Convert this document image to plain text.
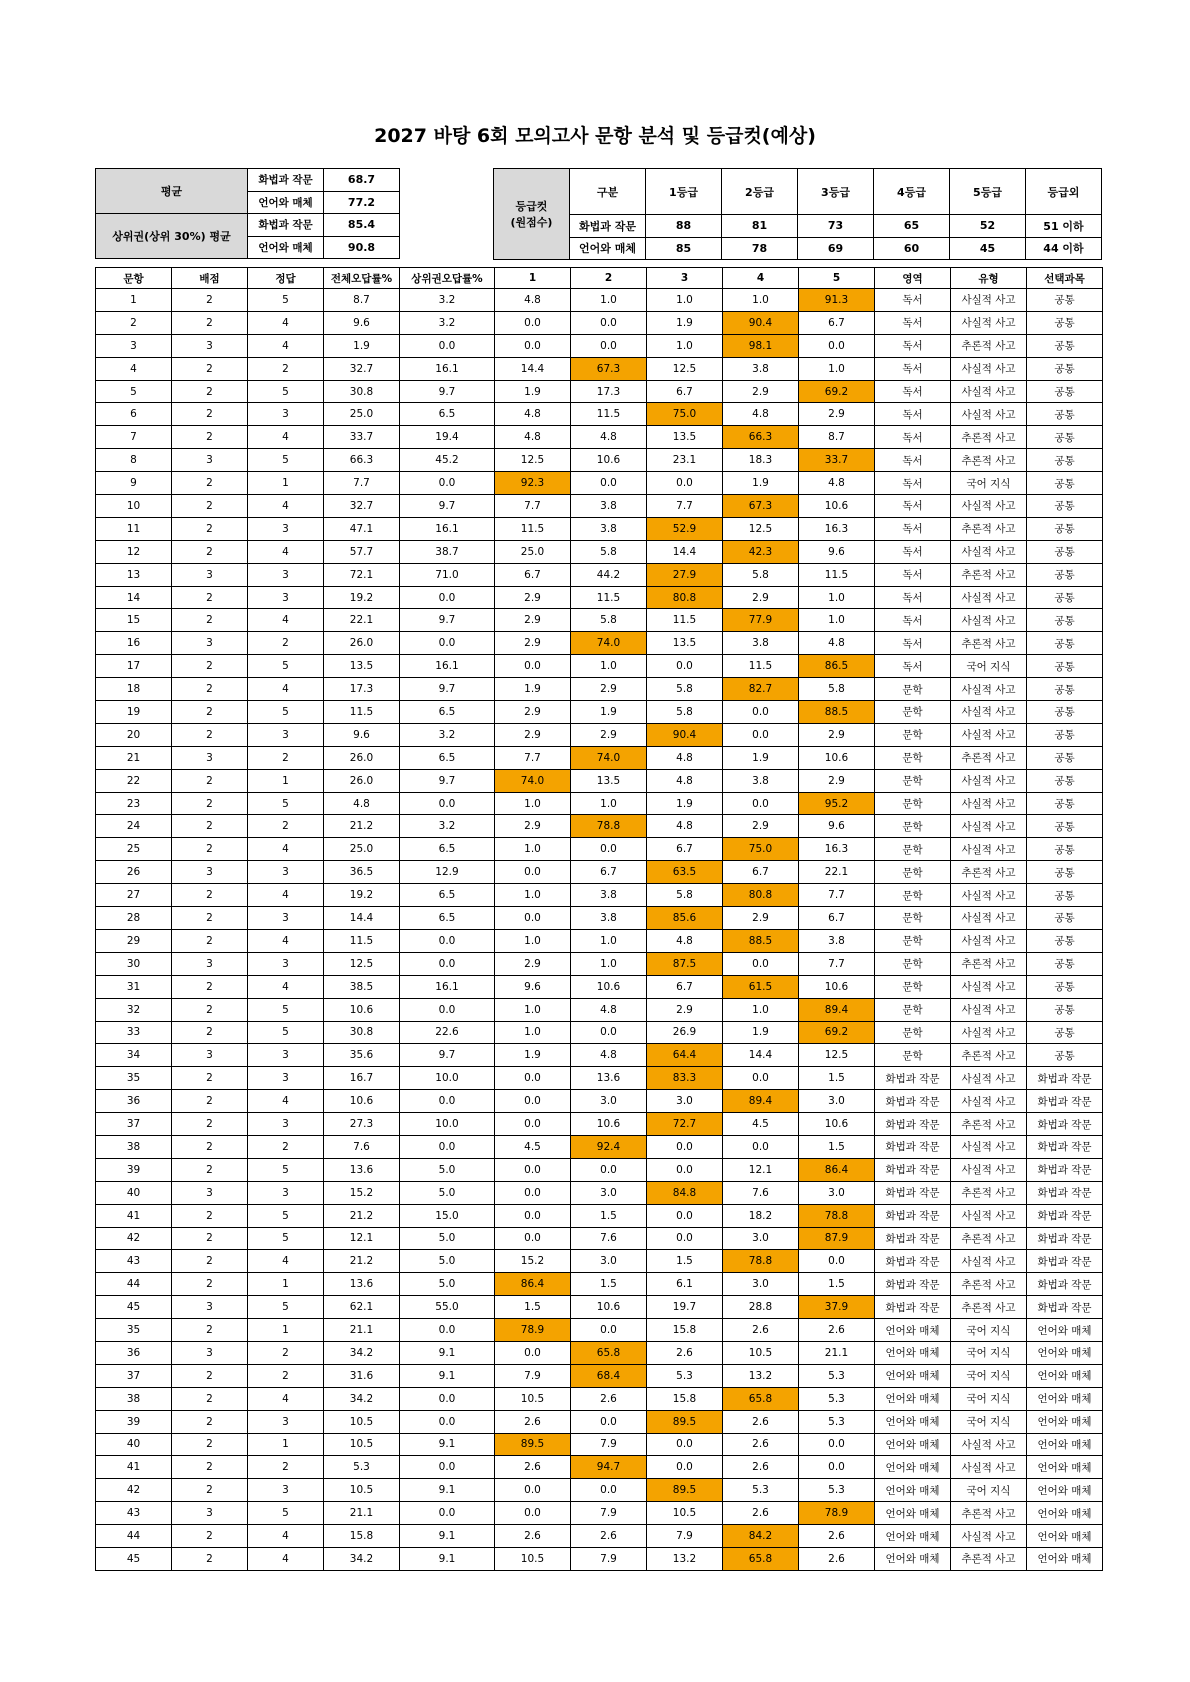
2027 바탕 6회 모의고사 문항 분석 및 등급컷(예상)
평균	화법과 작문	68.7
	언어와 매체	77.2
상위권(상위 30%) 평균	화법과 작문	85.4
	언어와 매체	90.8
등급컷
(원점수)	구분	1등급	2등급	3등급	4등급	5등급	등급외
	화법과 작문	88	81	73	65	52	51 이하
	언어와 매체	85	78	69	60	45	44 이하
문항	배점	정답	전체오답률%	상위권오답률%	1	2	3	4	5	영역	유형	선택과목
1	2	5	8.7	3.2	4.8	1.0	1.0	1.0	91.3	독서	사실적 사고	공통
2	2	4	9.6	3.2	0.0	0.0	1.9	90.4	6.7	독서	사실적 사고	공통
3	3	4	1.9	0.0	0.0	0.0	1.0	98.1	0.0	독서	추론적 사고	공통
4	2	2	32.7	16.1	14.4	67.3	12.5	3.8	1.0	독서	사실적 사고	공통
5	2	5	30.8	9.7	1.9	17.3	6.7	2.9	69.2	독서	사실적 사고	공통
6	2	3	25.0	6.5	4.8	11.5	75.0	4.8	2.9	독서	사실적 사고	공통
7	2	4	33.7	19.4	4.8	4.8	13.5	66.3	8.7	독서	추론적 사고	공통
8	3	5	66.3	45.2	12.5	10.6	23.1	18.3	33.7	독서	추론적 사고	공통
9	2	1	7.7	0.0	92.3	0.0	0.0	1.9	4.8	독서	국어 지식	공통
10	2	4	32.7	9.7	7.7	3.8	7.7	67.3	10.6	독서	사실적 사고	공통
11	2	3	47.1	16.1	11.5	3.8	52.9	12.5	16.3	독서	추론적 사고	공통
12	2	4	57.7	38.7	25.0	5.8	14.4	42.3	9.6	독서	사실적 사고	공통
13	3	3	72.1	71.0	6.7	44.2	27.9	5.8	11.5	독서	추론적 사고	공통
14	2	3	19.2	0.0	2.9	11.5	80.8	2.9	1.0	독서	사실적 사고	공통
15	2	4	22.1	9.7	2.9	5.8	11.5	77.9	1.0	독서	사실적 사고	공통
16	3	2	26.0	0.0	2.9	74.0	13.5	3.8	4.8	독서	추론적 사고	공통
17	2	5	13.5	16.1	0.0	1.0	0.0	11.5	86.5	독서	국어 지식	공통
18	2	4	17.3	9.7	1.9	2.9	5.8	82.7	5.8	문학	사실적 사고	공통
19	2	5	11.5	6.5	2.9	1.9	5.8	0.0	88.5	문학	사실적 사고	공통
20	2	3	9.6	3.2	2.9	2.9	90.4	0.0	2.9	문학	사실적 사고	공통
21	3	2	26.0	6.5	7.7	74.0	4.8	1.9	10.6	문학	추론적 사고	공통
22	2	1	26.0	9.7	74.0	13.5	4.8	3.8	2.9	문학	사실적 사고	공통
23	2	5	4.8	0.0	1.0	1.0	1.9	0.0	95.2	문학	사실적 사고	공통
24	2	2	21.2	3.2	2.9	78.8	4.8	2.9	9.6	문학	사실적 사고	공통
25	2	4	25.0	6.5	1.0	0.0	6.7	75.0	16.3	문학	사실적 사고	공통
26	3	3	36.5	12.9	0.0	6.7	63.5	6.7	22.1	문학	추론적 사고	공통
27	2	4	19.2	6.5	1.0	3.8	5.8	80.8	7.7	문학	사실적 사고	공통
28	2	3	14.4	6.5	0.0	3.8	85.6	2.9	6.7	문학	사실적 사고	공통
29	2	4	11.5	0.0	1.0	1.0	4.8	88.5	3.8	문학	사실적 사고	공통
30	3	3	12.5	0.0	2.9	1.0	87.5	0.0	7.7	문학	추론적 사고	공통
31	2	4	38.5	16.1	9.6	10.6	6.7	61.5	10.6	문학	사실적 사고	공통
32	2	5	10.6	0.0	1.0	4.8	2.9	1.0	89.4	문학	사실적 사고	공통
33	2	5	30.8	22.6	1.0	0.0	26.9	1.9	69.2	문학	사실적 사고	공통
34	3	3	35.6	9.7	1.9	4.8	64.4	14.4	12.5	문학	추론적 사고	공통
35	2	3	16.7	10.0	0.0	13.6	83.3	0.0	1.5	화법과 작문	사실적 사고	화법과 작문
36	2	4	10.6	0.0	0.0	3.0	3.0	89.4	3.0	화법과 작문	사실적 사고	화법과 작문
37	2	3	27.3	10.0	0.0	10.6	72.7	4.5	10.6	화법과 작문	추론적 사고	화법과 작문
38	2	2	7.6	0.0	4.5	92.4	0.0	0.0	1.5	화법과 작문	사실적 사고	화법과 작문
39	2	5	13.6	5.0	0.0	0.0	0.0	12.1	86.4	화법과 작문	사실적 사고	화법과 작문
40	3	3	15.2	5.0	0.0	3.0	84.8	7.6	3.0	화법과 작문	추론적 사고	화법과 작문
41	2	5	21.2	15.0	0.0	1.5	0.0	18.2	78.8	화법과 작문	사실적 사고	화법과 작문
42	2	5	12.1	5.0	0.0	7.6	0.0	3.0	87.9	화법과 작문	추론적 사고	화법과 작문
43	2	4	21.2	5.0	15.2	3.0	1.5	78.8	0.0	화법과 작문	사실적 사고	화법과 작문
44	2	1	13.6	5.0	86.4	1.5	6.1	3.0	1.5	화법과 작문	추론적 사고	화법과 작문
45	3	5	62.1	55.0	1.5	10.6	19.7	28.8	37.9	화법과 작문	추론적 사고	화법과 작문
35	2	1	21.1	0.0	78.9	0.0	15.8	2.6	2.6	언어와 매체	국어 지식	언어와 매체
36	3	2	34.2	9.1	0.0	65.8	2.6	10.5	21.1	언어와 매체	국어 지식	언어와 매체
37	2	2	31.6	9.1	7.9	68.4	5.3	13.2	5.3	언어와 매체	국어 지식	언어와 매체
38	2	4	34.2	0.0	10.5	2.6	15.8	65.8	5.3	언어와 매체	국어 지식	언어와 매체
39	2	3	10.5	0.0	2.6	0.0	89.5	2.6	5.3	언어와 매체	국어 지식	언어와 매체
40	2	1	10.5	9.1	89.5	7.9	0.0	2.6	0.0	언어와 매체	사실적 사고	언어와 매체
41	2	2	5.3	0.0	2.6	94.7	0.0	2.6	0.0	언어와 매체	사실적 사고	언어와 매체
42	2	3	10.5	9.1	0.0	0.0	89.5	5.3	5.3	언어와 매체	국어 지식	언어와 매체
43	3	5	21.1	0.0	0.0	7.9	10.5	2.6	78.9	언어와 매체	추론적 사고	언어와 매체
44	2	4	15.8	9.1	2.6	2.6	7.9	84.2	2.6	언어와 매체	사실적 사고	언어와 매체
45	2	4	34.2	9.1	10.5	7.9	13.2	65.8	2.6	언어와 매체	추론적 사고	언어와 매체
